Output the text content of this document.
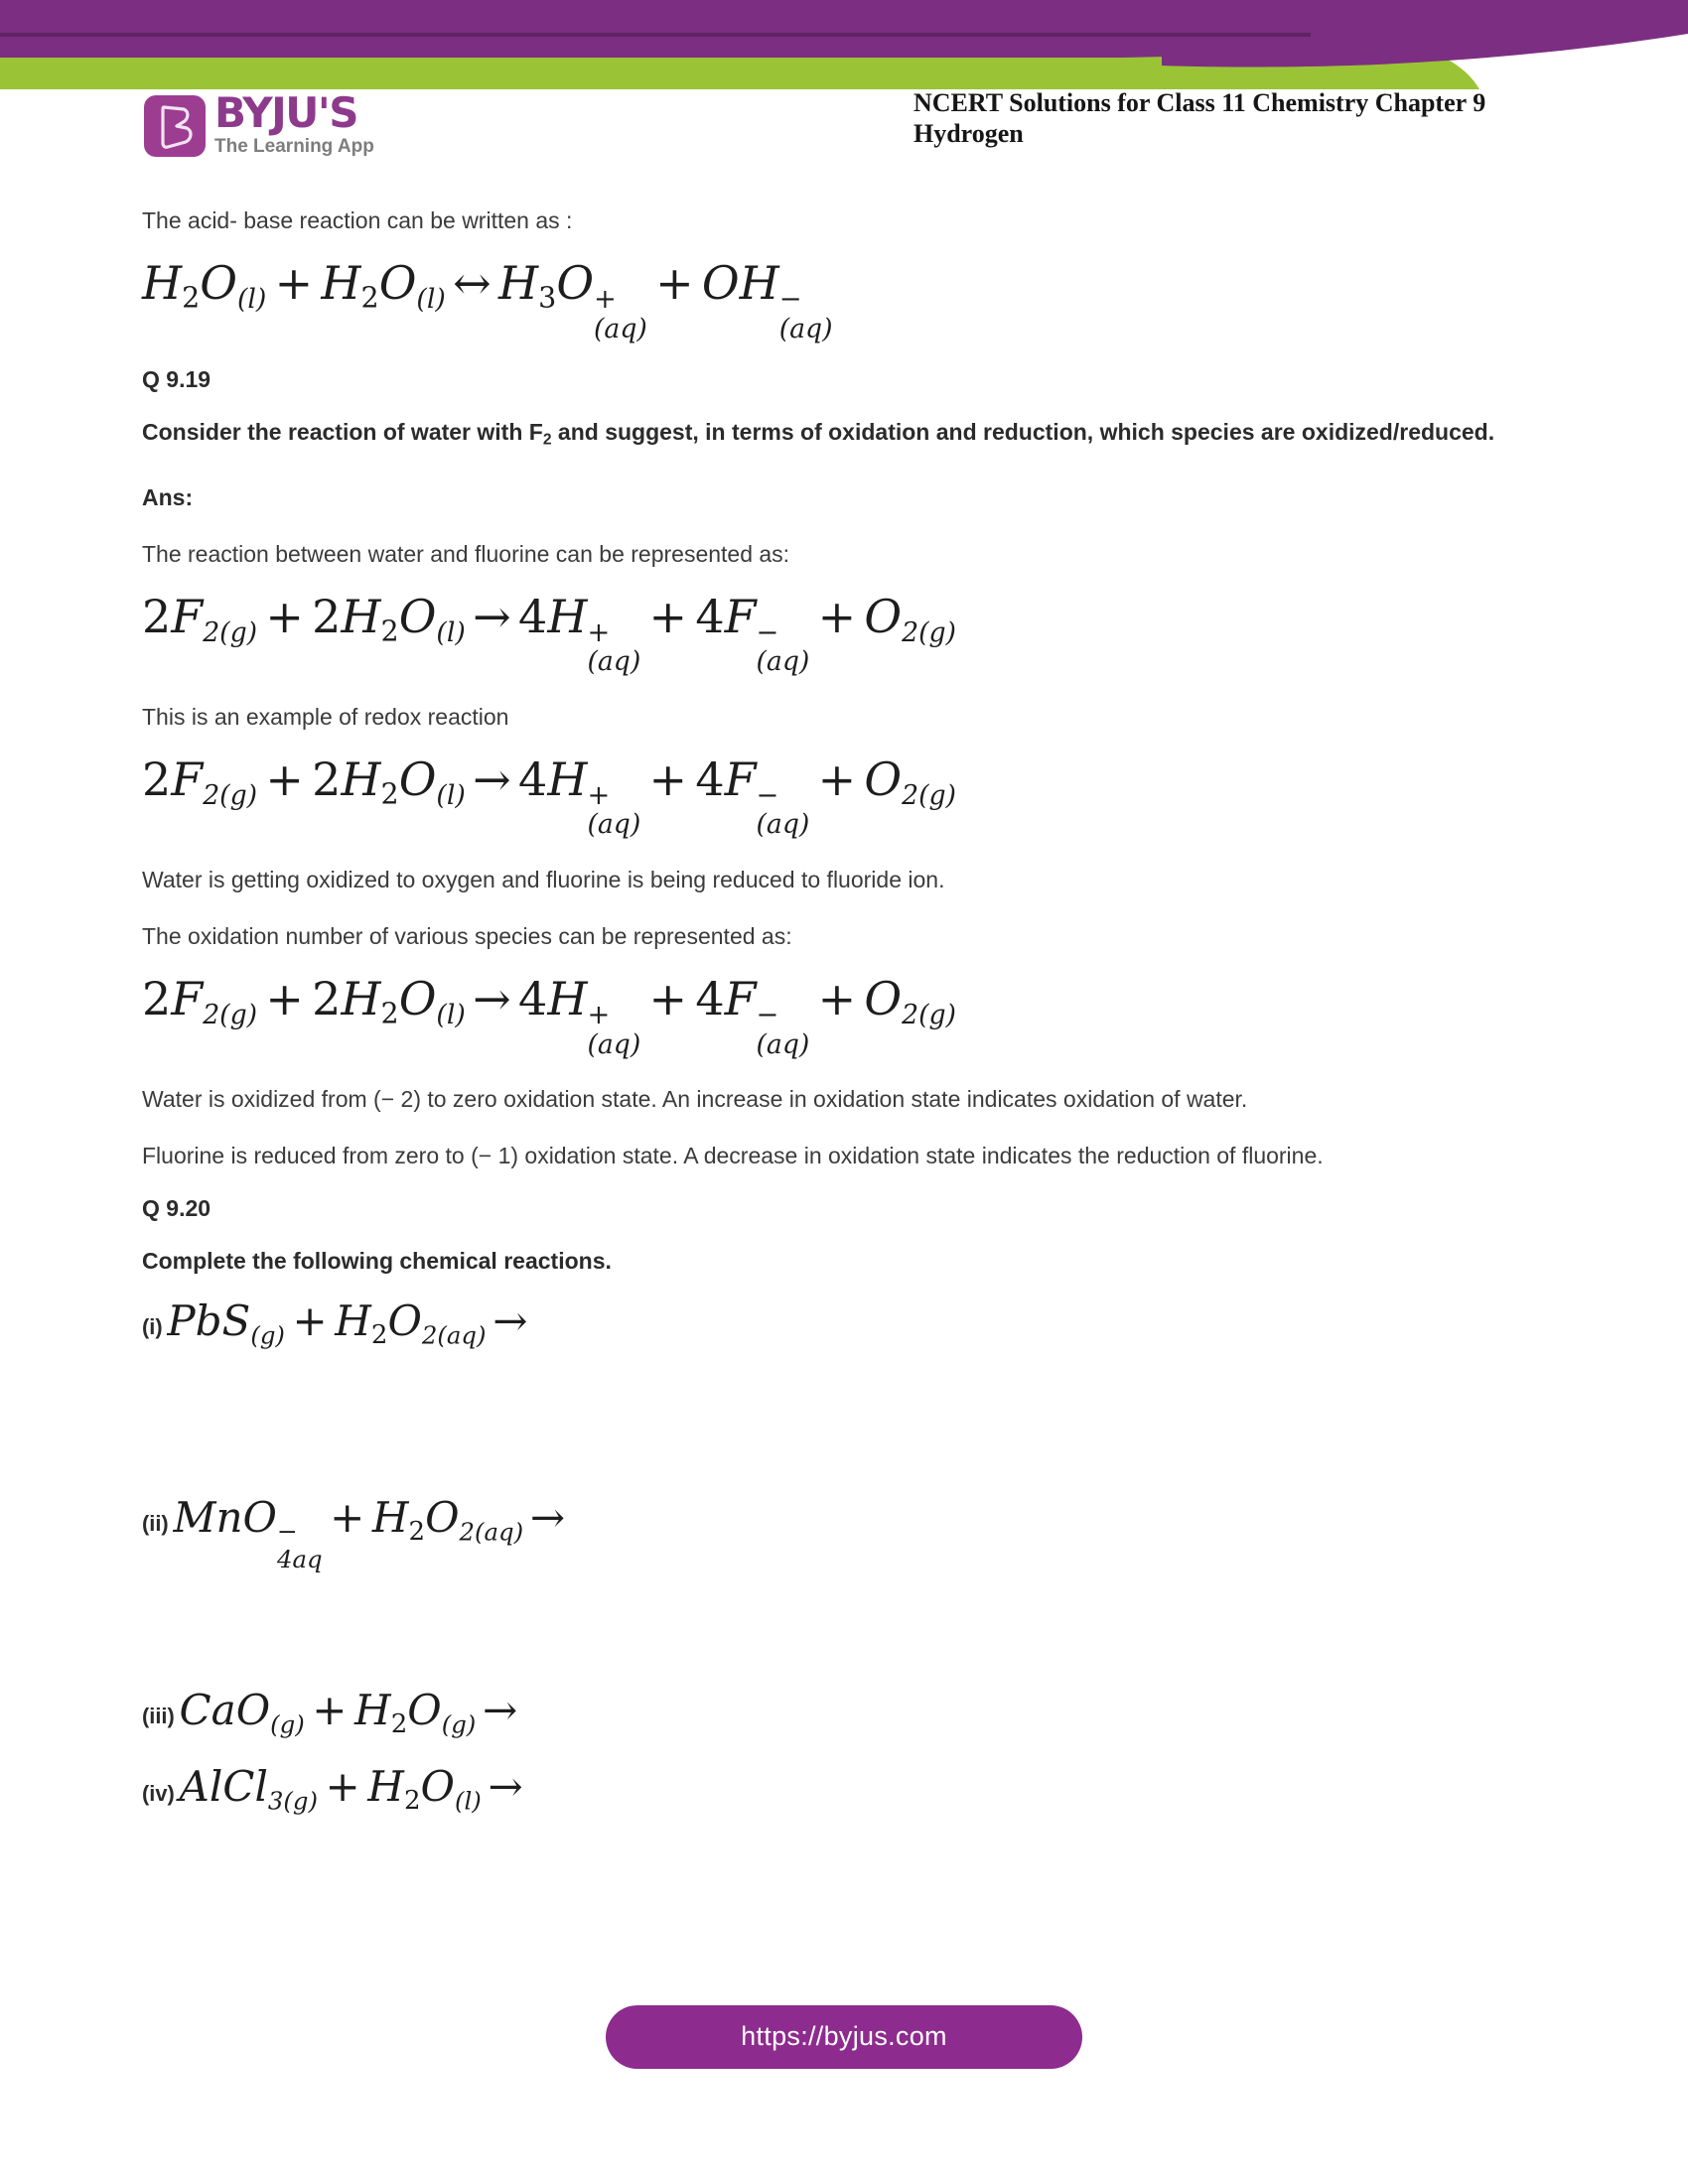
BYJU'S
The Learning App
NCERT Solutions for Class 11 Chemistry Chapter 9
Hydrogen

The acid- base reaction can be written as :

H2O(l) + H2O(l) ↔ H3O +
(aq)
+ OH −
(aq)

Q 9.19

Consider the reaction of water with $F_2$ and suggest, in terms of oxidation and reduction, which species are oxidized/reduced.

Ans:

The reaction between water and fluorine can be represented as:

2F2(g) + 2H2O(l) → 4H +
(aq)
+ 4F −
(aq)
+ O2(g)

This is an example of redox reaction

2F2(g) + 2H2O(l) → 4H +
(aq)
+ 4F −
(aq)
+ O2(g)

Water is getting oxidized to oxygen and fluorine is being reduced to fluoride ion.

The oxidation number of various species can be represented as:

2F2(g) + 2H2O(l) → 4H +
(aq)
+ 4F −
(aq)
+ O2(g)

Water is oxidized from (− 2) to zero oxidation state. An increase in oxidation state indicates oxidation of water.

Fluorine is reduced from zero to (− 1) oxidation state. A decrease in oxidation state indicates the reduction of fluorine.

Q 9.20

Complete the following chemical reactions.

(i) PbS(g) + H2O2(aq) →
(ii) MnO −
4aq
+ H2O2(aq) →
(iii) CaO(g) + H2O(g) →
(iv) AlCl3(g) + H2O(l) →
https://byjus.com
